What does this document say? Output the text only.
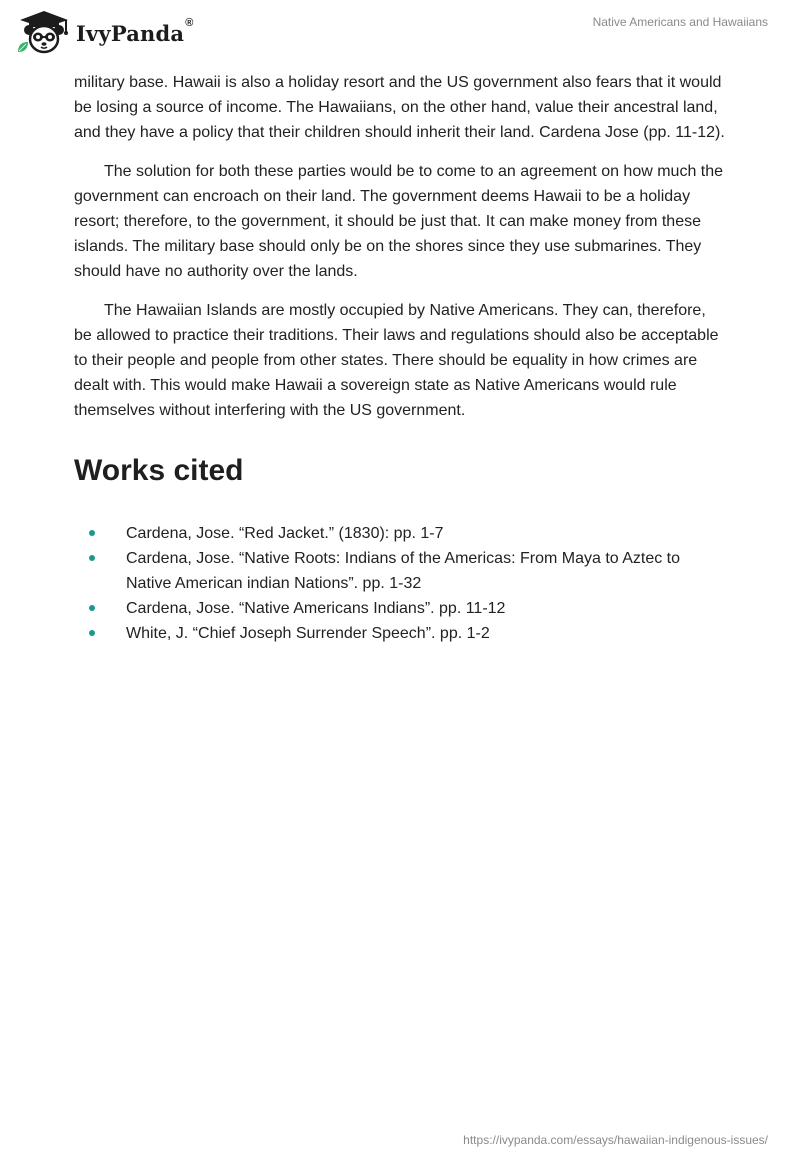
IvyPanda ®	Native Americans and Hawaiians

military base. Hawaii is also a holiday resort and the US government also fears that it would be losing a source of income. The Hawaiians, on the other hand, value their ancestral land, and they have a policy that their children should inherit their land. Cardena Jose (pp. 11-12).

The solution for both these parties would be to come to an agreement on how much the government can encroach on their land. The government deems Hawaii to be a holiday resort; therefore, to the government, it should be just that. It can make money from these islands. The military base should only be on the shores since they use submarines. They should have no authority over the lands.

The Hawaiian Islands are mostly occupied by Native Americans. They can, therefore, be allowed to practice their traditions. Their laws and regulations should also be acceptable to their people and people from other states. There should be equality in how crimes are dealt with. This would make Hawaii a sovereign state as Native Americans would rule themselves without interfering with the US government.

Works cited
Cardena, Jose. “Red Jacket.” (1830): pp. 1-7
Cardena, Jose. “Native Roots: Indians of the Americas: From Maya to Aztec to Native American indian Nations”. pp. 1-32
Cardena, Jose. “Native Americans Indians”. pp. 11-12
White, J. “Chief Joseph Surrender Speech”. pp. 1-2
https://ivypanda.com/essays/hawaiian-indigenous-issues/
